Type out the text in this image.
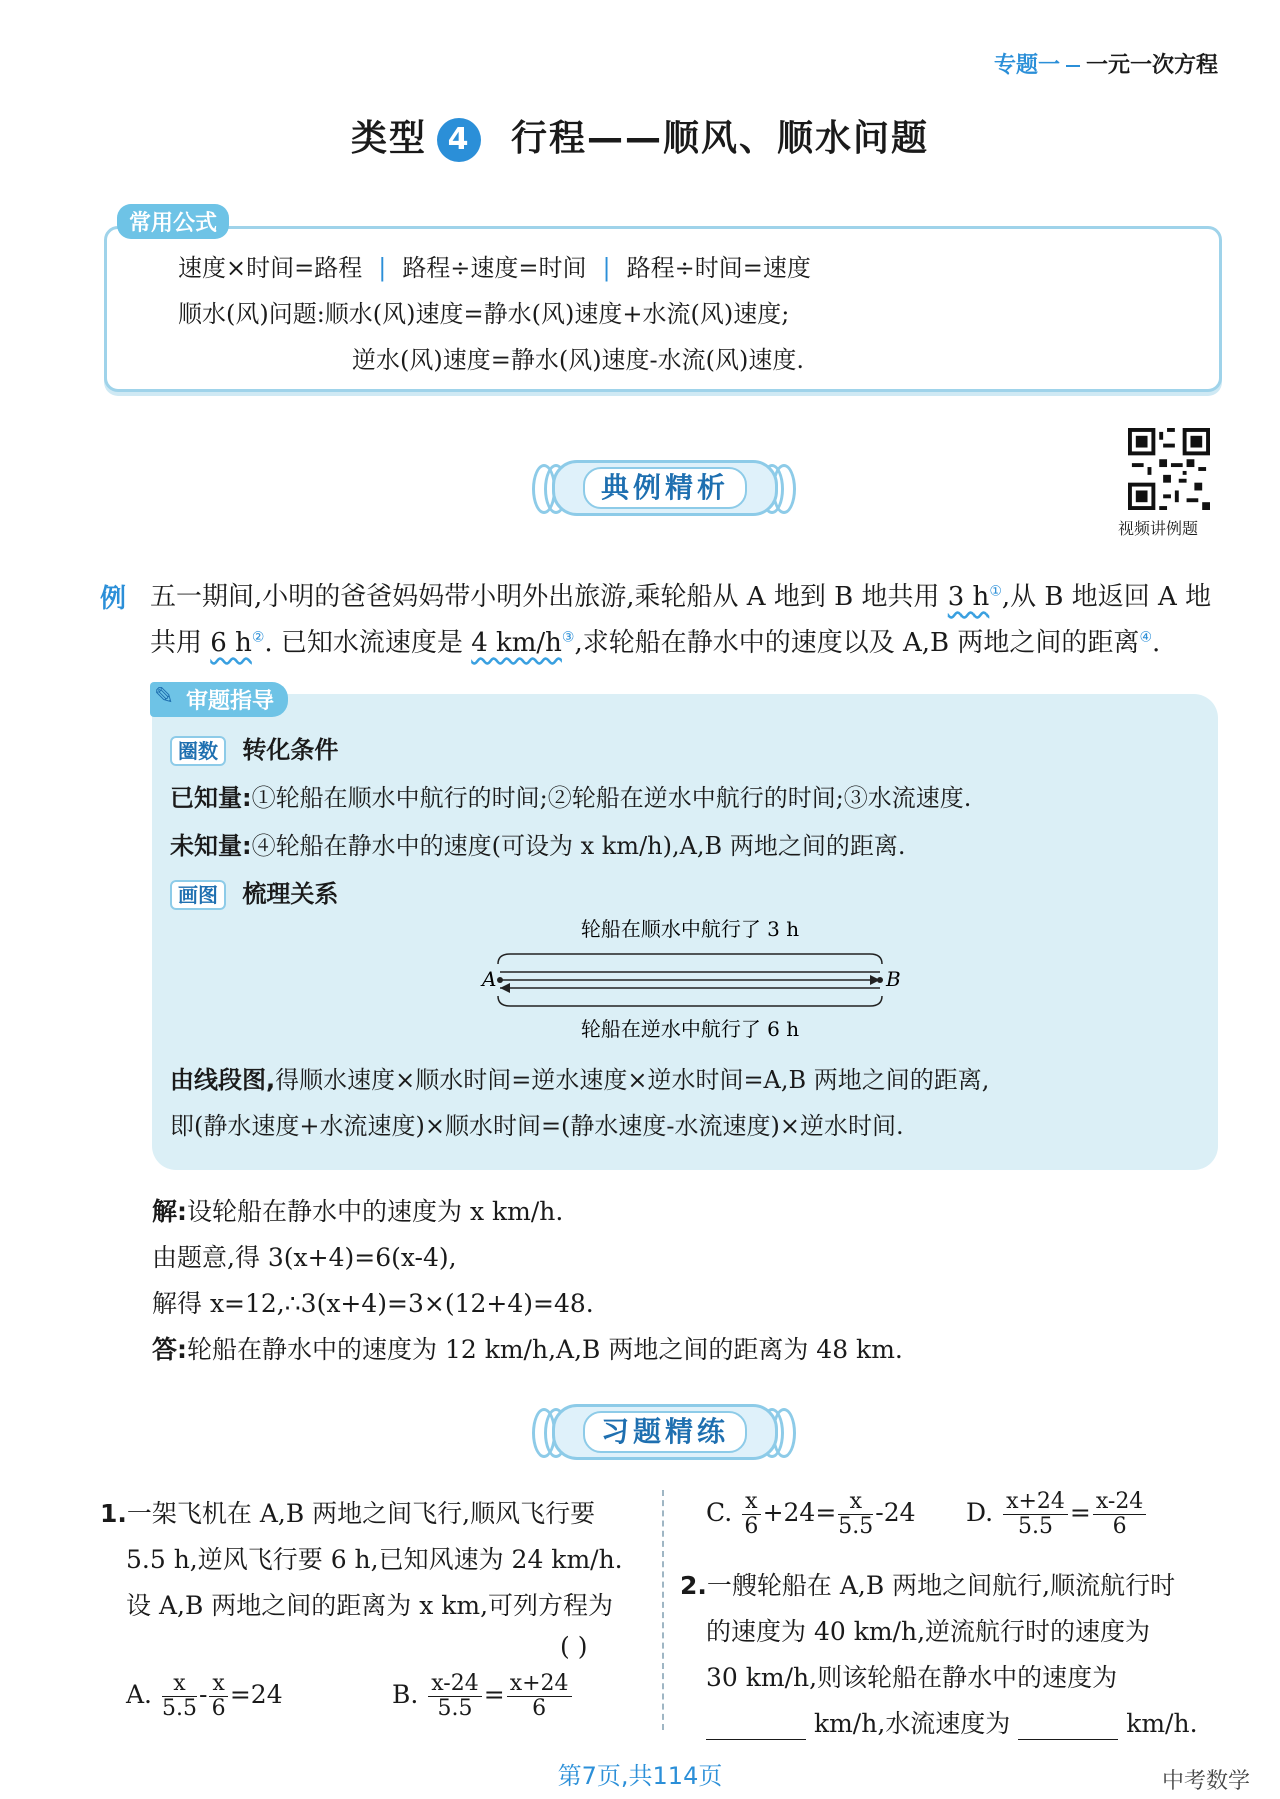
专题一 一元一次方程
类型 4 行程——顺风、顺水问题
常用公式
速度×时间=路程 | 路程÷速度=时间 | 路程÷时间=速度
顺水(风)问题:顺水(风)速度=静水(风)速度+水流(风)速度;
逆水(风)速度=静水(风)速度-水流(风)速度.
典例精析
视频讲例题
例 五一期间,小明的爸爸妈妈带小明外出旅游,乘轮船从 A 地到 B 地共用 3 h①,从 B 地返回 A 地
共用 6 h②. 已知水流速度是 4 km/h③,求轮船在静水中的速度以及 A,B 两地之间的距离④.
审题指导
✎
圈数 转化条件
已知量:①轮船在顺水中航行的时间;②轮船在逆水中航行的时间;③水流速度.
未知量:④轮船在静水中的速度(可设为 x km/h),A,B 两地之间的距离.
画图 梳理关系
轮船在顺水中航行了 3 h
A	B
轮船在逆水中航行了 6 h
由线段图,得顺水速度×顺水时间=逆水速度×逆水时间=A,B 两地之间的距离,
即(静水速度+水流速度)×顺水时间=(静水速度-水流速度)×逆水时间.
解:设轮船在静水中的速度为 x km/h.
由题意,得 3(x+4)=6(x-4),
解得 x=12,∴3(x+4)=3×(12+4)=48.
答:轮船在静水中的速度为 12 km/h,A,B 两地之间的距离为 48 km.
习题精练
1.一架飞机在 A,B 两地之间飞行,顺风飞行要
5.5 h,逆风飞行要 6 h,已知风速为 24 km/h.
设 A,B 两地之间的距离为 x km,可列方程为
( )
A. $\frac{x}{5.5} - \frac{x}{6} =24$	B. $\frac{x-24}{5.5} = \frac{x+24}{6}$
C. $\frac{x}{6} +24= \frac{x}{5.5} -24$ D. $\frac{x+24}{5.5} = \frac{x-24}{6}$
2.一艘轮船在 A,B 两地之间航行,顺流航行时
的速度为 40 km/h,逆流航行时的速度为
30 km/h,则该轮船在静水中的速度为
km/h,水流速度为	km/h.
第7页,共114页	中考数学
